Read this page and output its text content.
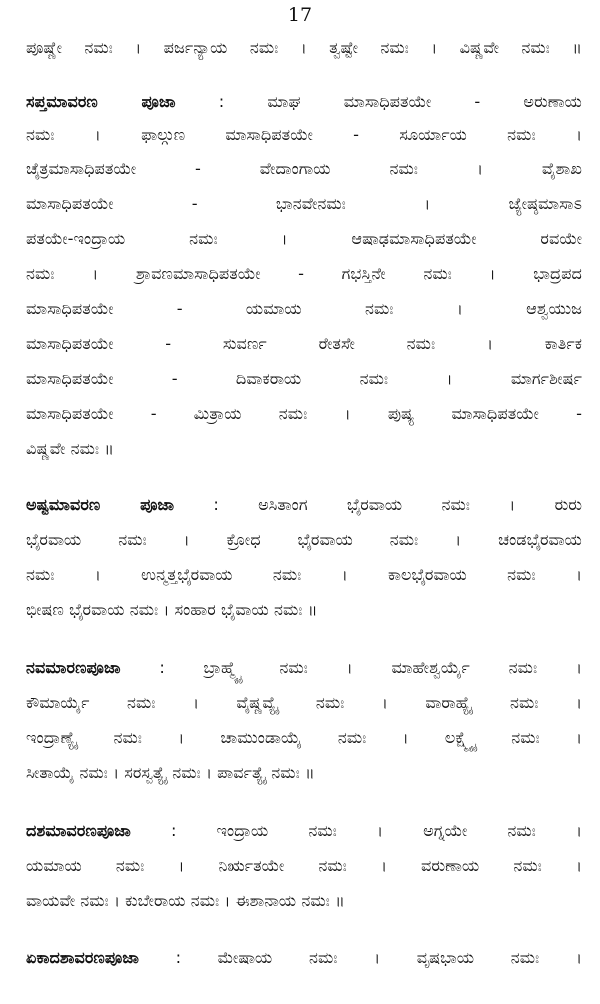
17
ಪೂಷ್ಣೇ ನಮಃ । ಪರ್ಜನ್ಯಾಯ ನಮಃ । ತ್ವಷ್ಟೇ ನಮಃ । ವಿಷ್ಣವೇ ನಮಃ ॥
ಸಪ್ತಮಾವರಣ ಪೂಜಾ	: ಮಾಘ ಮಾಸಾಧಿಪತಯೇ - ಅರುಣಾಯ
ನಮಃ । ಫಾಲ್ಗುಣ ಮಾಸಾಧಿಪತಯೇ - ಸೂರ್ಯಾಯ ನಮಃ ।
ಚೈತ್ರಮಾಸಾಧಿಪತಯೇ - ವೇದಾಂಗಾಯ ನಮಃ । ವೈಶಾಖ
ಮಾಸಾಧಿಪತಯೇ - ಭಾನವೇನಮಃ । ಜ್ಯೇಷ್ಠಮಾಸಾಽ
ಪತಯೇ-ಇಂದ್ರಾಯ ನಮಃ । ಆಷಾಢಮಾಸಾಧಿಪತಯೇ ರವಯೇ
ನಮಃ । ಶ್ರಾವಣಮಾಸಾಧಿಪತಯೇ - ಗಭಸ್ತಿನೇ ನಮಃ । ಭಾದ್ರಪದ
ಮಾಸಾಧಿಪತಯೇ - ಯಮಾಯ ನಮಃ । ಆಶ್ವಯುಜ
ಮಾಸಾಧಿಪತಯೇ - ಸುವರ್ಣ ರೇತಸೇ ನಮಃ । ಕಾರ್ತಿಕ
ಮಾಸಾಧಿಪತಯೇ - ದಿವಾಕರಾಯ ನಮಃ । ಮಾರ್ಗಶೀರ್ಷ
ಮಾಸಾಧಿಪತಯೇ - ಮಿತ್ರಾಯ ನಮಃ । ಪುಷ್ಯ ಮಾಸಾಧಿಪತಯೇ -
ವಿಷ್ಣವೇ ನಮಃ ॥
ಅಷ್ಟಮಾವರಣ ಪೂಜಾ : ಅಸಿತಾಂಗ ಭೈರವಾಯ ನಮಃ । ರುರು
ಭೈರವಾಯ ನಮಃ । ಕ್ರೋಧ ಭೈರವಾಯ ನಮಃ । ಚಂಡಭೈರವಾಯ
ನಮಃ । ಉನ್ಮತ್ತಭೈರವಾಯ ನಮಃ । ಕಾಲಭೈರವಾಯ ನಮಃ ।
ಭೀಷಣ ಭೈರವಾಯ ನಮಃ । ಸಂಹಾರ ಭೈವಾಯ ನಮಃ ॥
ನವಮಾರಣಪೂಜಾ : ಬ್ರಾಹ್ಮ್ಯೈ ನಮಃ । ಮಾಹೇಶ್ವರ್ಯೈ ನಮಃ ।
ಕೌಮಾರ್ಯೈ ನಮಃ । ವೈಷ್ಣವ್ಯೈ ನಮಃ । ವಾರಾಹ್ಯೈ ನಮಃ ।
ಇಂದ್ರಾಣ್ಯೈ ನಮಃ । ಚಾಮುಂಡಾಯೈ ನಮಃ । ಲಕ್ಷ್ಮ್ಯೈ ನಮಃ ।
ಸೀತಾಯೈ ನಮಃ । ಸರಸ್ವತ್ಯೈ ನಮಃ । ಪಾರ್ವತ್ಯೈ ನಮಃ ॥
ದಶಮಾವರಣಪೂಜಾ : ಇಂದ್ರಾಯ ನಮಃ । ಅಗ್ನಯೇ ನಮಃ ।
ಯಮಾಯ ನಮಃ । ನಿರ್ಋತಯೇ ನಮಃ । ವರುಣಾಯ ನಮಃ ।
ವಾಯವೇ ನಮಃ । ಕುಬೇರಾಯ ನಮಃ । ಈಶಾನಾಯ ನಮಃ ॥
ಏಕಾದಶಾವರಣಪೂಜಾ : ಮೇಷಾಯ ನಮಃ । ವೃಷಭಾಯ ನಮಃ ।
